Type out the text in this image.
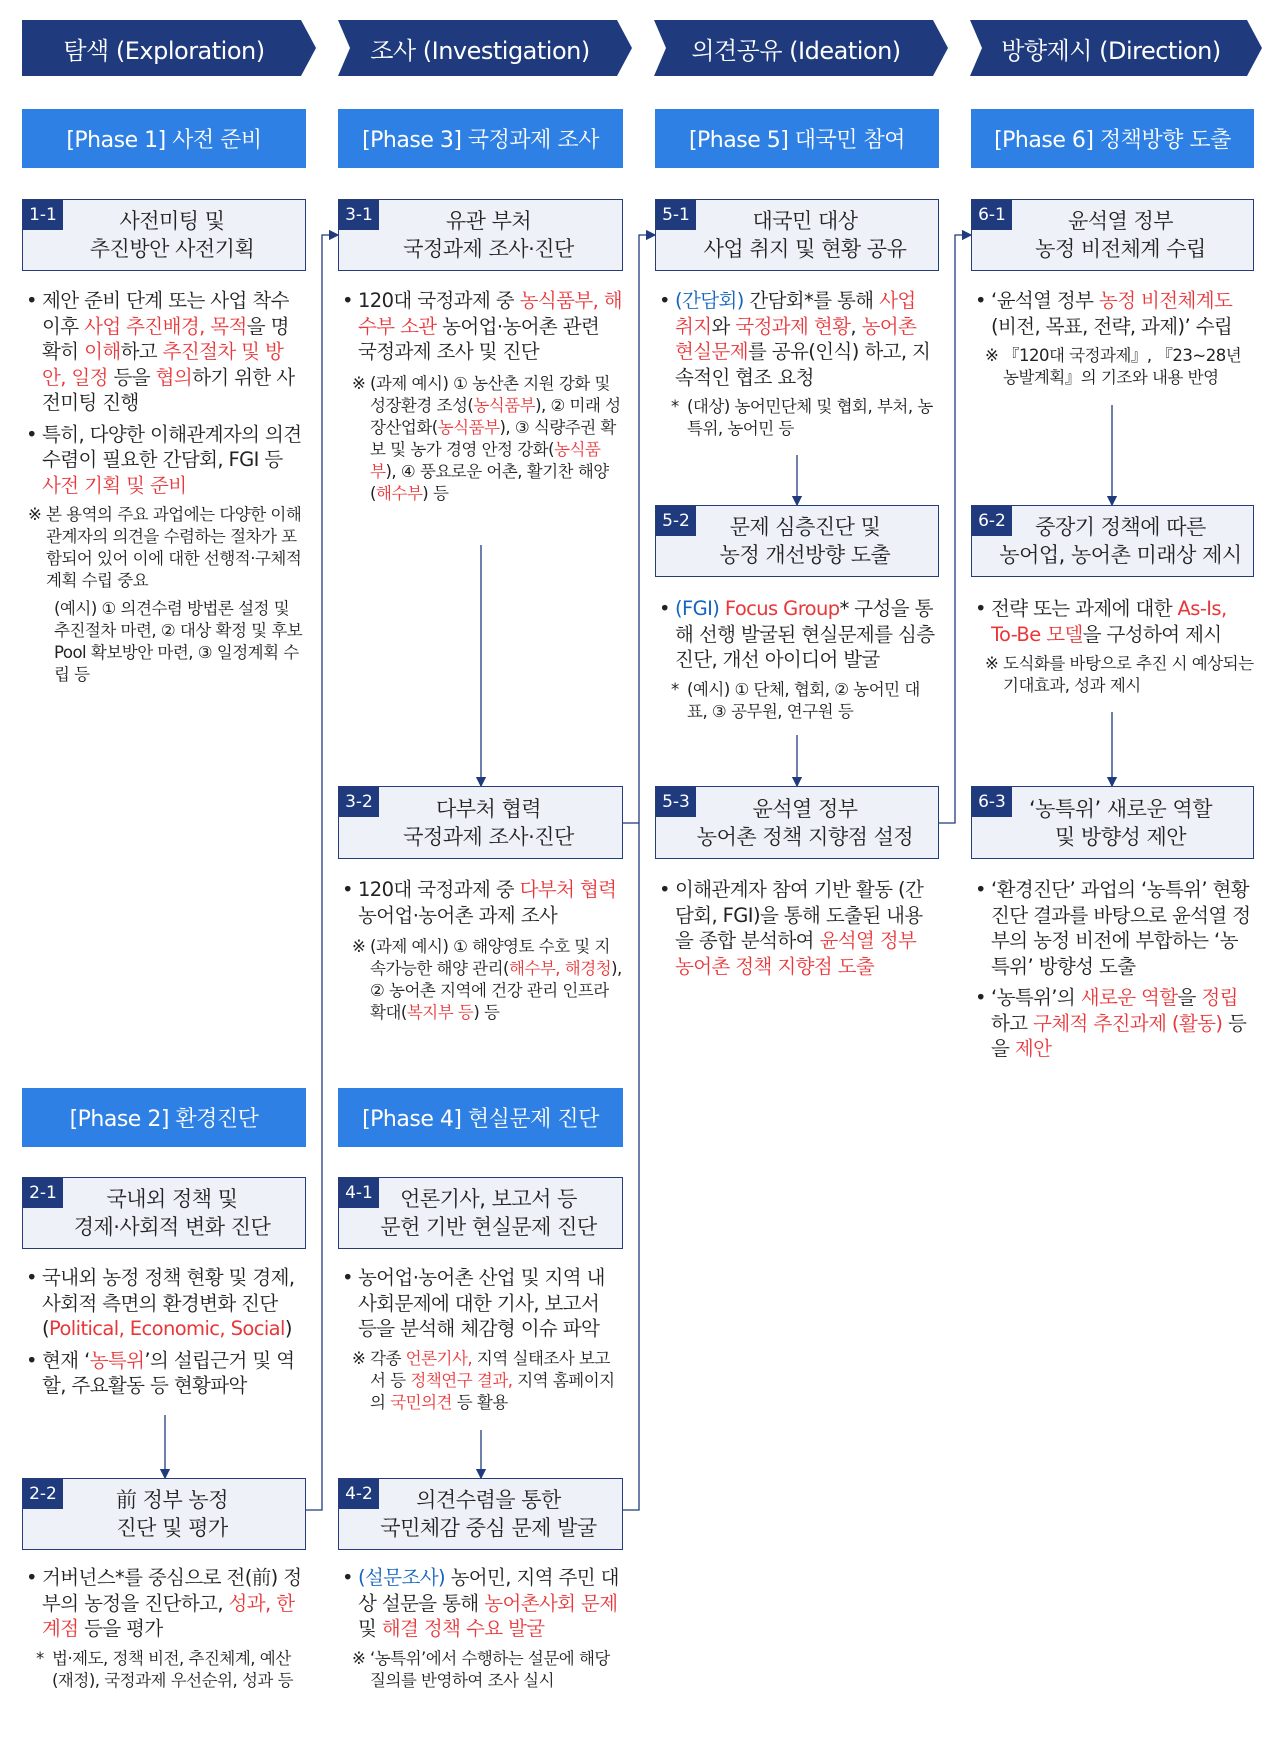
탐색 (Exploration)	조사 (Investigation)	의견공유 (Ideation)	방향제시 (Direction)
[Phase 1] 사전 준비	[Phase 3] 국정과제 조사	[Phase 5] 대국민 참여	[Phase 6] 정책방향 도출
[Phase 2] 환경진단	[Phase 4] 현실문제 진단
1-1	사전미팅 및
추진방안 사전기획
2-1	국내외 정책 및
경제·사회적 변화 진단
2-2	前 정부 농정
진단 및 평가
3-1	유관 부처
국정과제 조사·진단
3-2	다부처 협력
국정과제 조사·진단
4-1	언론기사, 보고서 등
문헌 기반 현실문제 진단
4-2	의견수렴을 통한
국민체감 중심 문제 발굴
5-1	대국민 대상
사업 취지 및 현황 공유
5-2	문제 심층진단 및
농정 개선방향 도출
5-3	윤석열 정부
농어촌 정책 지향점 설정
6-1	윤석열 정부
농정 비전체계 수립
6-2	중장기 정책에 따른
농어업, 농어촌 미래상 제시
6-3	‘농특위’ 새로운 역할
및 방향성 제안
• 제안 준비 단계 또는 사업 착수 이후 사업 추진배경, 목적을 명확히 이해하고 추진절차 및 방안, 일정 등을 협의하기 위한 사전미팅 진행
• 특히, 다양한 이해관계자의 의견수렴이 필요한 간담회, FGI 등 사전 기획 및 준비
※ 본 용역의 주요 과업에는 다양한 이해관계자의 의견을 수렴하는 절차가 포함되어 있어 이에 대한 선행적·구체적 계획 수립 중요
(예시) ① 의견수렴 방법론 설정 및 추진절차 마련, ② 대상 확정 및 후보 Pool 확보방안 마련, ③ 일정계획 수립 등
• 국내외 농정 정책 현황 및 경제, 사회적 측면의 환경변화 진단 (Political, Economic, Social)
• 현재 ‘농특위’의 설립근거 및 역할, 주요활동 등 현황파악
• 거버넌스*를 중심으로 전(前) 정부의 농정을 진단하고, 성과, 한계점 등을 평가
* 법·제도, 정책 비전, 추진체계, 예산(재정), 국정과제 우선순위, 성과 등
• 120대 국정과제 중 농식품부, 해수부 소관 농어업·농어촌 관련 국정과제 조사 및 진단
※ (과제 예시) ① 농산촌 지원 강화 및 성장환경 조성(농식품부), ② 미래 성장산업화(농식품부), ③ 식량주권 확보 및 농가 경영 안정 강화(농식품부), ④ 풍요로운 어촌, 활기찬 해양(해수부) 등
• 120대 국정과제 중 다부처 협력 농어업·농어촌 과제 조사
※ (과제 예시) ① 해양영토 수호 및 지속가능한 해양 관리(해수부, 해경청), ② 농어촌 지역에 건강 관리 인프라 확대(복지부 등) 등
• 농어업·농어촌 산업 및 지역 내 사회문제에 대한 기사, 보고서 등을 분석해 체감형 이슈 파악
※ 각종 언론기사, 지역 실태조사 보고서 등 정책연구 결과, 지역 홈페이지의 국민의견 등 활용
• (설문조사) 농어민, 지역 주민 대상 설문을 통해 농어촌사회 문제 및 해결 정책 수요 발굴
※ ‘농특위’에서 수행하는 설문에 해당 질의를 반영하여 조사 실시
• (간담회) 간담회*를 통해 사업 취지와 국정과제 현황, 농어촌 현실문제를 공유(인식) 하고, 지속적인 협조 요청
* (대상) 농어민단체 및 협회, 부처, 농특위, 농어민 등
• (FGI) Focus Group* 구성을 통해 선행 발굴된 현실문제를 심층 진단, 개선 아이디어 발굴
* (예시) ① 단체, 협회, ② 농어민 대표, ③ 공무원, 연구원 등
• 이해관계자 참여 기반 활동 (간담회, FGI)을 통해 도출된 내용을 종합 분석하여 윤석열 정부 농어촌 정책 지향점 도출
• ‘윤석열 정부 농정 비전체계도 (비전, 목표, 전략, 과제)’ 수립
※ 『120대 국정과제』, 『23~28년 농발계획』의 기조와 내용 반영
• 전략 또는 과제에 대한 As-Is, To-Be 모델을 구성하여 제시
※ 도식화를 바탕으로 추진 시 예상되는 기대효과, 성과 제시
• ‘환경진단’ 과업의 ‘농특위’ 현황 진단 결과를 바탕으로 윤석열 정부의 농정 비전에 부합하는 ‘농특위’ 방향성 도출
• ‘농특위’의 새로운 역할을 정립하고 구체적 추진과제 (활동) 등을 제안
